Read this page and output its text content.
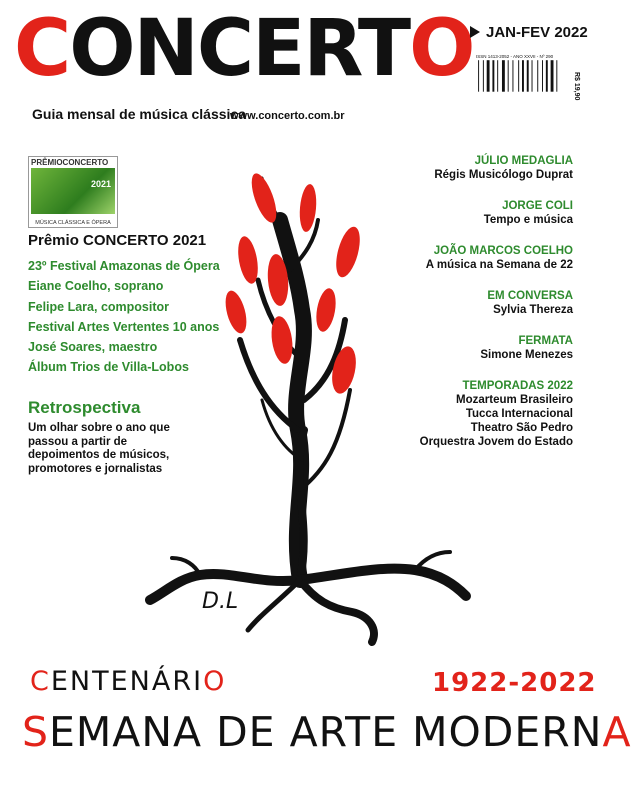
CONCERTO JAN-FEV 2022
Guia mensal de música clássica
www.concerto.com.br
ISSN 1413-2052 - ANO XXVII - Nº 290
R$ 19,90
PRÊMIOCONCERTO
2021
MÚSICA CLÁSSICA E ÓPERA
Prêmio CONCERTO 2021
23º Festival Amazonas de Ópera
Eiane Coelho, soprano
Felipe Lara, compositor
Festival Artes Vertentes 10 anos
José Soares, maestro
Álbum Trios de Villa-Lobos
Retrospectiva
Um olhar sobre o ano que passou a partir de depoimentos de músicos, promotores e jornalistas
JÚLIO MEDAGLIA
Régis Musicólogo Duprat
JORGE COLI
Tempo e música
JOÃO MARCOS COELHO
A música na Semana de 22
EM CONVERSA
Sylvia Thereza
FERMATA
Simone Menezes
TEMPORADAS 2022
Mozarteum Brasileiro
Tucca Internacional
Theatro São Pedro
Orquestra Jovem do Estado
D.L
CENTENÁRIO	1922-2022
SEMANA DE ARTE MODERNA
